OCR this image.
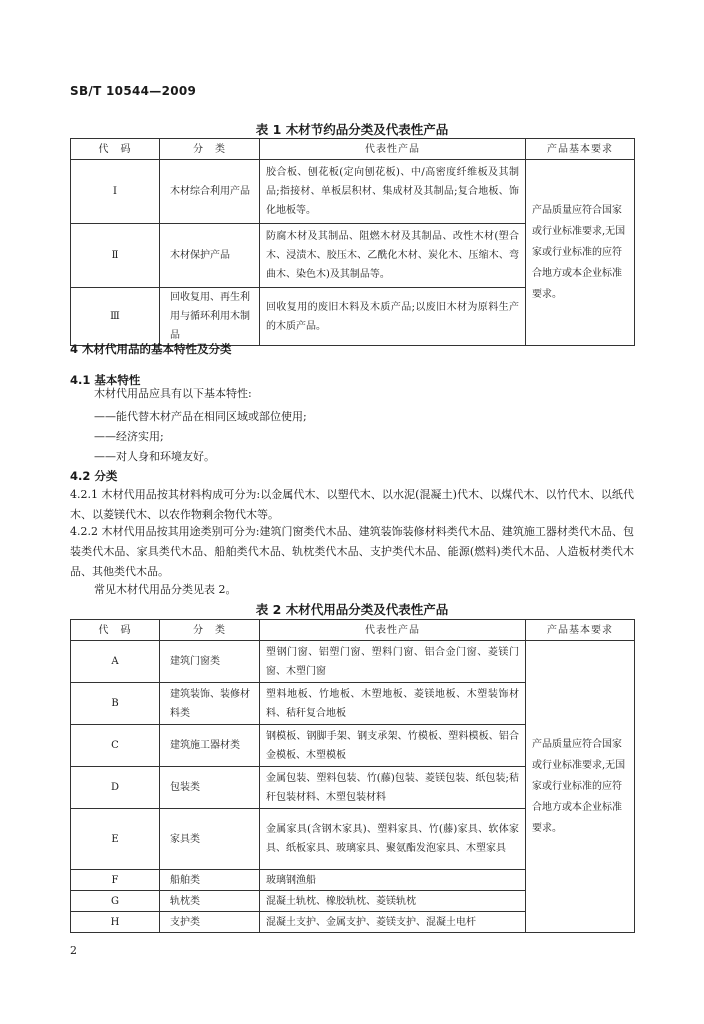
SB/T 10544—2009
表 1 木材节约品分类及代表性产品
代　码	分　类	代表性产品	产品基本要求
Ⅰ	木材综合利用产品	胶合板、刨花板(定向刨花板)、中/高密度纤维板及其制品;指接材、单板层积材、集成材及其制品;复合地板、饰化地板等。	产品质量应符合国家或行业标准要求,无国家或行业标准的应符合地方或本企业标准要求。
Ⅱ	木材保护产品	防腐木材及其制品、阻燃木材及其制品、改性木材(塑合木、浸渍木、胶压木、乙酰化木材、炭化木、压缩木、弯曲木、染色木)及其制品等。	
Ⅲ	回收复用、再生利用与循环利用木制品	回收复用的废旧木料及木质产品;以废旧木材为原料生产的木质产品。	
4 木材代用品的基本特性及分类
4.1 基本特性
木材代用品应具有以下基本特性:
——能代替木材产品在相同区域或部位使用;
——经济实用;
——对人身和环境友好。
4.2 分类
4.2.1 木材代用品按其材料构成可分为:以金属代木、以塑代木、以水泥(混凝土)代木、以煤代木、以竹代木、以纸代木、以菱镁代木、以农作物剩余物代木等。
4.2.2 木材代用品按其用途类别可分为:建筑门窗类代木品、建筑装饰装修材料类代木品、建筑施工器材类代木品、包装类代木品、家具类代木品、船舶类代木品、轨枕类代木品、支护类代木品、能源(燃料)类代木品、人造板材类代木品、其他类代木品。
常见木材代用品分类见表 2。
表 2 木材代用品分类及代表性产品
代　码	分　类	代表性产品	产品基本要求
A	建筑门窗类	塑钢门窗、铝塑门窗、塑料门窗、铝合金门窗、菱镁门窗、木塑门窗	产品质量应符合国家或行业标准要求,无国家或行业标准的应符合地方或本企业标准要求。
B	建筑装饰、装修材料类	塑料地板、竹地板、木塑地板、菱镁地板、木塑装饰材料、秸秆复合地板	
C	建筑施工器材类	钢模板、钢脚手架、钢支承架、竹模板、塑料模板、铝合金模板、木塑模板	
D	包装类	金属包装、塑料包装、竹(藤)包装、菱镁包装、纸包装;秸秆包装材料、木塑包装材料	
E	家具类	金属家具(含钢木家具)、塑料家具、竹(藤)家具、软体家具、纸板家具、玻璃家具、聚氨酯发泡家具、木塑家具	
F	船舶类	玻璃钢渔船	
G	轨枕类	混凝土轨枕、橡胶轨枕、菱镁轨枕	
H	支护类	混凝土支护、金属支护、菱镁支护、混凝土电杆	
2
